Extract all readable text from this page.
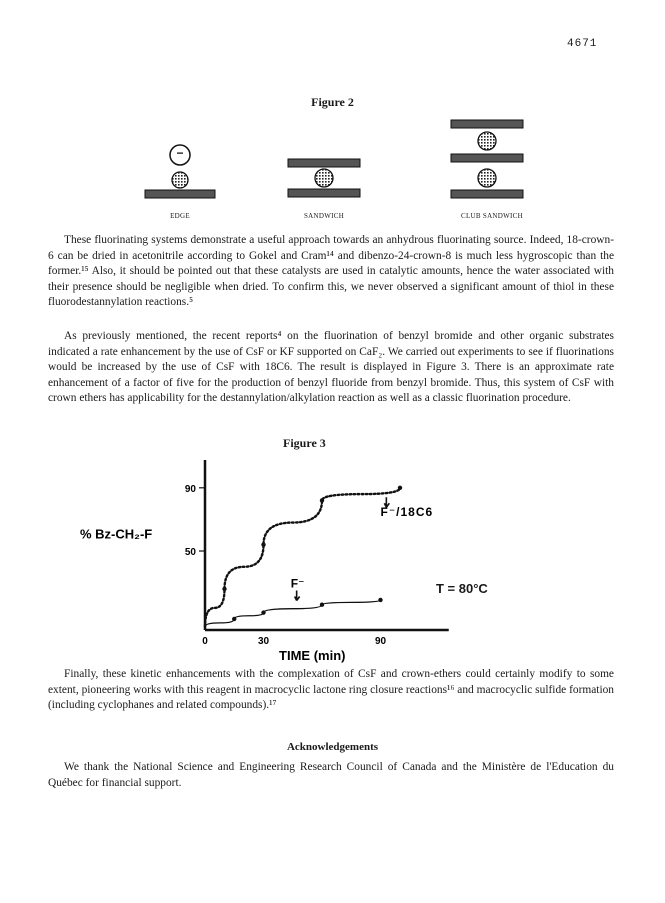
4671
Figure 2
−
EDGE	SANDWICH	CLUB SANDWICH

These fluorinating systems demonstrate a useful approach towards an anhydrous fluorinating source. Indeed, 18-crown-6 can be dried in acetonitrile according to Gokel and Cram¹⁴ and dibenzo-24-crown-8 is much less hygroscopic than the former.¹⁵ Also, it should be pointed out that these catalysts are used in catalytic amounts, hence the water associated with their presence should be negligible when dried. To confirm this, we never observed a significant amount of thiol in these fluorodestannylation reactions.⁵

As previously mentioned, the recent reports⁴ on the fluorination of benzyl bromide and other organic substrates indicated a rate enhancement by the use of CsF or KF supported on CaF₂. We carried out experiments to see if fluorinations would be increased by the use of CsF with 18C6. The result is displayed in Figure 3. There is an approximate rate enhancement of a factor of five for the production of benzyl fluoride from benzyl bromide. Thus, this system of CsF with crown ethers has applicability for the destannylation/alkylation reaction as well as a classic fluorination procedure.

Figure 3
90
50
0	30	90
% Bz-CH₂-F
TIME (min)
F⁻/18C6
F⁻	T = 80°C

Finally, these kinetic enhancements with the complexation of CsF and crown-ethers could certainly modify to some extent, pioneering works with this reagent in macrocyclic lactone ring closure reactions¹⁶ and macrocyclic sulfide formation (including cyclophanes and related compounds).¹⁷

Acknowledgements

We thank the National Science and Engineering Research Council of Canada and the Ministère de l'Education du Québec for financial support.
